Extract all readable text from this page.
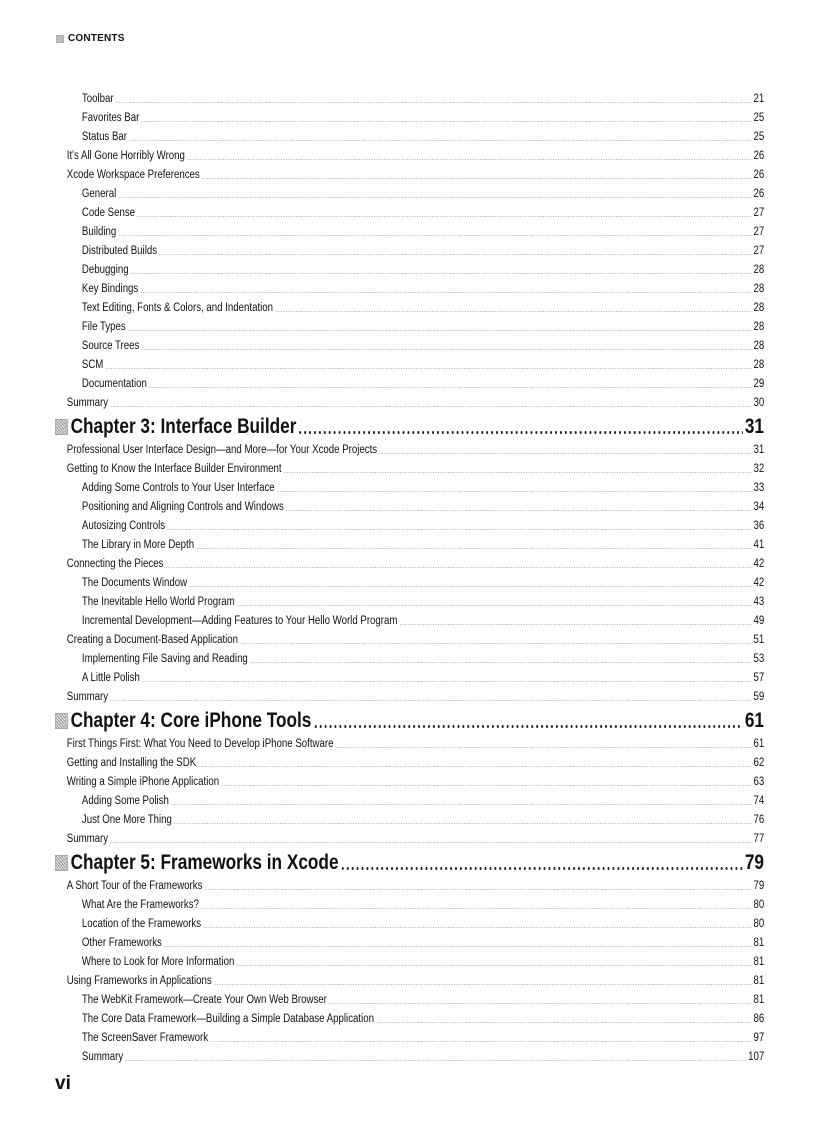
CONTENTS
Toolbar	21
Favorites Bar	25
Status Bar	25
It's All Gone Horribly Wrong	26
Xcode Workspace Preferences	26
General	26
Code Sense	27
Building	27
Distributed Builds	27
Debugging	28
Key Bindings	28
Text Editing, Fonts & Colors, and Indentation	28
File Types	28
Source Trees	28
SCM	28
Documentation	29
Summary	30
Chapter 3: Interface Builder	31
Professional User Interface Design—and More—for Your Xcode Projects	31
Getting to Know the Interface Builder Environment	32
Adding Some Controls to Your User Interface	33
Positioning and Aligning Controls and Windows	34
Autosizing Controls	36
The Library in More Depth	41
Connecting the Pieces	42
The Documents Window	42
The Inevitable Hello World Program	43
Incremental Development—Adding Features to Your Hello World Program	49
Creating a Document-Based Application	51
Implementing File Saving and Reading	53
A Little Polish	57
Summary	59
Chapter 4: Core iPhone Tools	61
First Things First: What You Need to Develop iPhone Software	61
Getting and Installing the SDK	62
Writing a Simple iPhone Application	63
Adding Some Polish	74
Just One More Thing	76
Summary	77
Chapter 5: Frameworks in Xcode	79
A Short Tour of the Frameworks	79
What Are the Frameworks?	80
Location of the Frameworks	80
Other Frameworks	81
Where to Look for More Information	81
Using Frameworks in Applications	81
The WebKit Framework—Create Your Own Web Browser	81
The Core Data Framework—Building a Simple Database Application	86
The ScreenSaver Framework	97
Summary	107
vi
